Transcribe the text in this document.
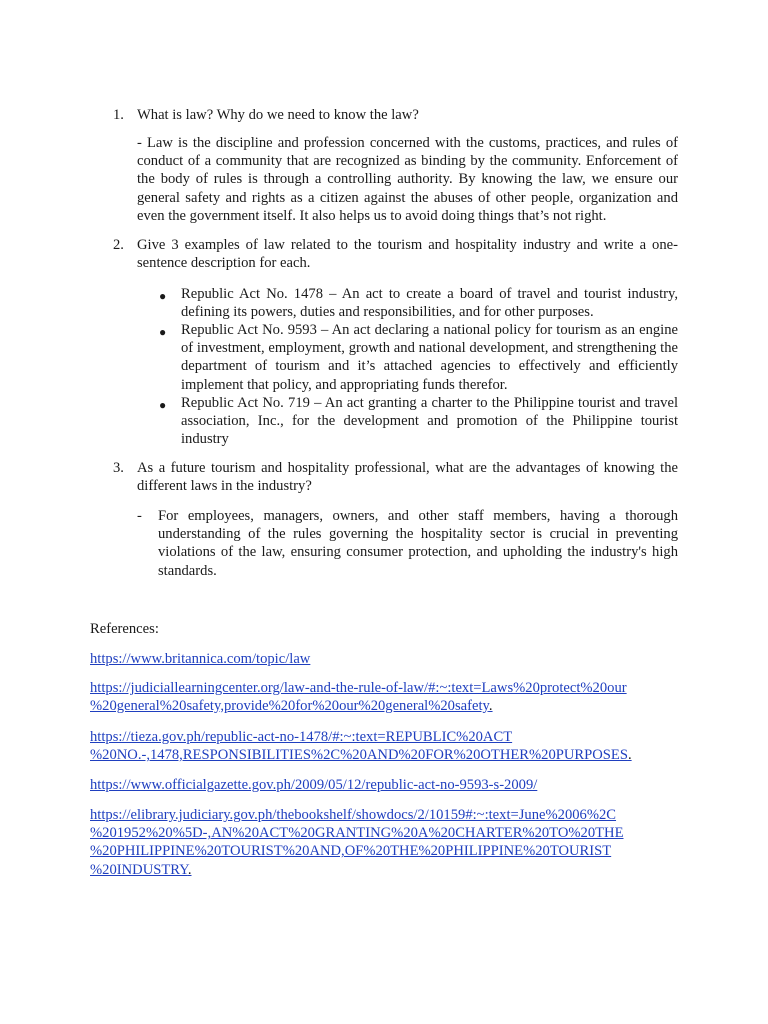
1. What is law? Why do we need to know the law?

- Law is the discipline and profession concerned with the customs, practices, and rules of conduct of a community that are recognized as binding by the community. Enforcement of the body of rules is through a controlling authority. By knowing the law, we ensure our general safety and rights as a citizen against the abuses of other people, organization and even the government itself. It also helps us to avoid doing things that’s not right.

2. Give 3 examples of law related to the tourism and hospitality industry and write a one-sentence description for each.

● Republic Act No. 1478 – An act to create a board of travel and tourist industry, defining its powers, duties and responsibilities, and for other purposes.

● Republic Act No. 9593 – An act declaring a national policy for tourism as an engine of investment, employment, growth and national development, and strengthening the department of tourism and it’s attached agencies to effectively and efficiently implement that policy, and appropriating funds therefor.

● Republic Act No. 719 – An act granting a charter to the Philippine tourist and travel association, Inc., for the development and promotion of the Philippine tourist industry

3. As a future tourism and hospitality professional, what are the advantages of knowing the different laws in the industry?

- For employees, managers, owners, and other staff members, having a thorough understanding of the rules governing the hospitality sector is crucial in preventing violations of the law, ensuring consumer protection, and upholding the industry's high standards.

References:

https://www.britannica.com/topic/law
https://judiciallearningcenter.org/law-and-the-rule-of-law/#:~:text=Laws%20protect%20our
%20general%20safety,provide%20for%20our%20general%20safety.
https://tieza.gov.ph/republic-act-no-1478/#:~:text=REPUBLIC%20ACT
%20NO.-,1478,RESPONSIBILITIES%2C%20AND%20FOR%20OTHER%20PURPOSES.
https://www.officialgazette.gov.ph/2009/05/12/republic-act-no-9593-s-2009/
https://elibrary.judiciary.gov.ph/thebookshelf/showdocs/2/10159#:~:text=June%2006%2C
%201952%20%5D-,AN%20ACT%20GRANTING%20A%20CHARTER%20TO%20THE
%20PHILIPPINE%20TOURIST%20AND,OF%20THE%20PHILIPPINE%20TOURIST
%20INDUSTRY.
